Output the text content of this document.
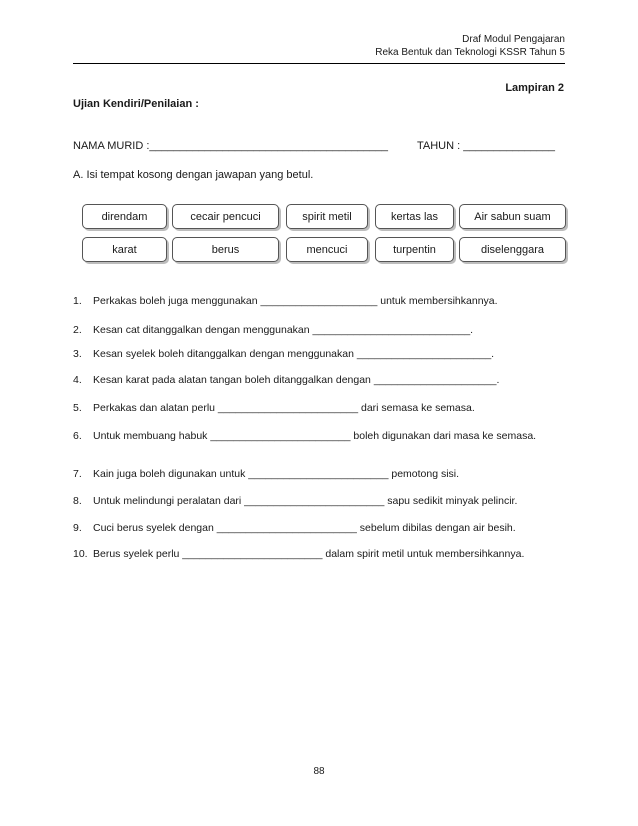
Draf Modul Pengajaran
Reka Bentuk dan Teknologi KSSR Tahun 5
Lampiran 2
Ujian Kendiri/Penilaian :
NAMA MURID :_______________________________________	TAHUN : _______________
A. Isi tempat kosong dengan jawapan yang betul.
direndam	cecair pencuci	spirit metil	kertas las	Air sabun suam
karat	berus	mencuci	turpentin	diselenggara
1.	Perkakas boleh juga menggunakan ____________________ untuk membersihkannya.
2.	Kesan cat ditanggalkan dengan menggunakan ___________________________.
3.	Kesan syelek boleh ditanggalkan dengan menggunakan _______________________.
4.	Kesan karat pada alatan tangan boleh ditanggalkan dengan _____________________.
5.	Perkakas dan alatan perlu ________________________ dari semasa ke semasa.
6.	Untuk membuang habuk ________________________ boleh digunakan dari masa ke semasa.
7.	Kain juga boleh digunakan untuk ________________________ pemotong sisi.
8.	Untuk melindungi peralatan dari ________________________ sapu sedikit minyak pelincir.
9.	Cuci berus syelek dengan ________________________ sebelum dibilas dengan air besih.
10. Berus syelek perlu ________________________ dalam spirit metil untuk membersihkannya.
88
